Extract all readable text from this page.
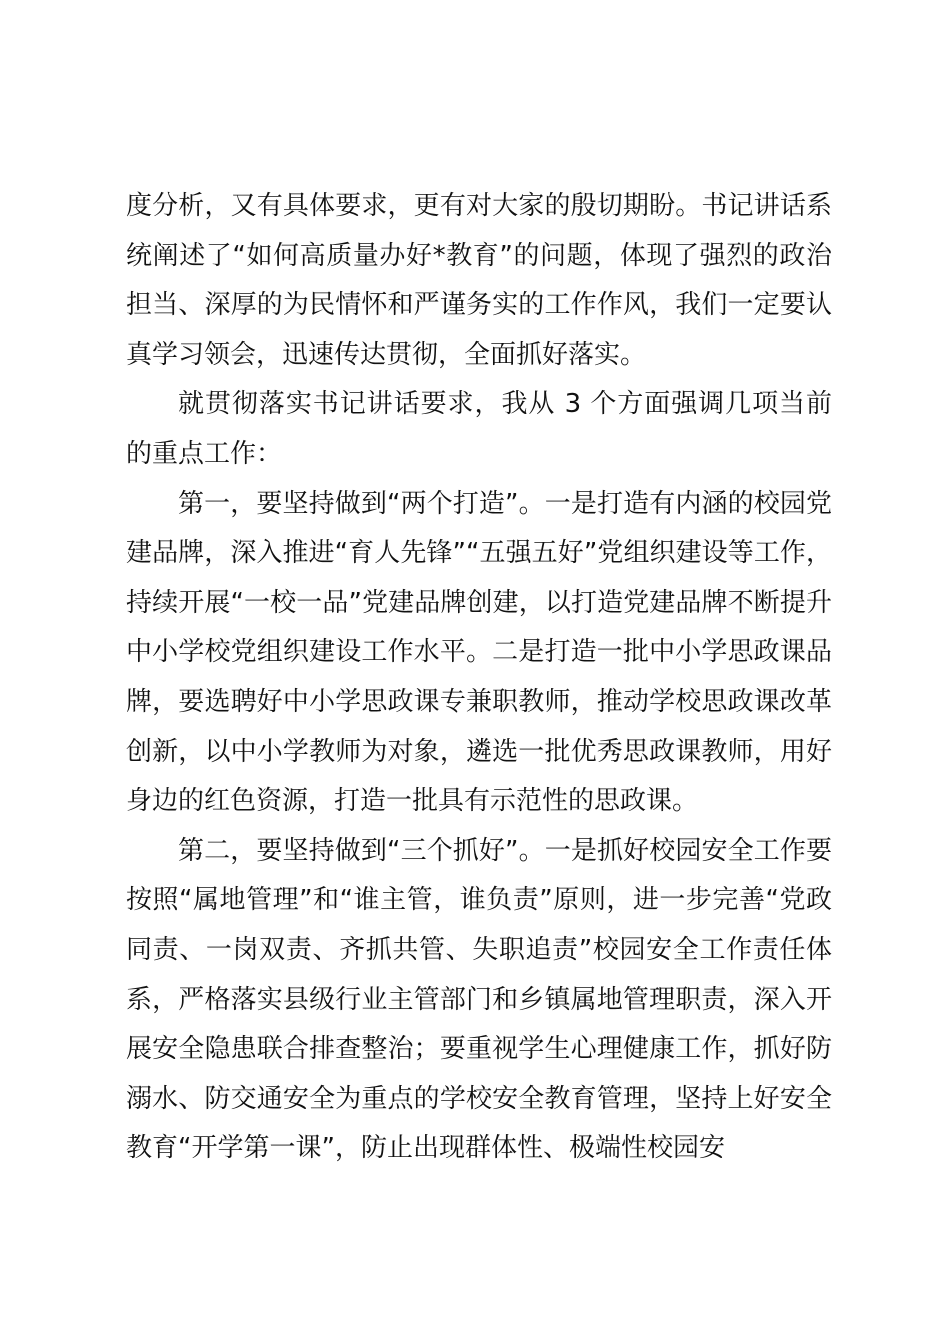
度分析，又有具体要求，更有对大家的殷切期盼。书记讲话系统阐述了“如何高质量办好*教育”的问题，体现了强烈的政治担当、深厚的为民情怀和严谨务实的工作作风，我们一定要认真学习领会，迅速传达贯彻，全面抓好落实。

就贯彻落实书记讲话要求，我从 3 个方面强调几项当前的重点工作：

第一，要坚持做到“两个打造”。一是打造有内涵的校园党建品牌，深入推进“育人先锋”“五强五好”党组织建设等工作，持续开展“一校一品”党建品牌创建，以打造党建品牌不断提升中小学校党组织建设工作水平。二是打造一批中小学思政课品牌，要选聘好中小学思政课专兼职教师，推动学校思政课改革创新，以中小学教师为对象，遴选一批优秀思政课教师，用好身边的红色资源，打造一批具有示范性的思政课。

第二，要坚持做到“三个抓好”。一是抓好校园安全工作要按照“属地管理”和“谁主管，谁负责”原则，进一步完善“党政同责、一岗双责、齐抓共管、失职追责”校园安全工作责任体系，严格落实县级行业主管部门和乡镇属地管理职责，深入开展安全隐患联合排查整治；要重视学生心理健康工作，抓好防溺水、防交通安全为重点的学校安全教育管理，坚持上好安全教育“开学第一课”，防止出现群体性、极端性校园安
